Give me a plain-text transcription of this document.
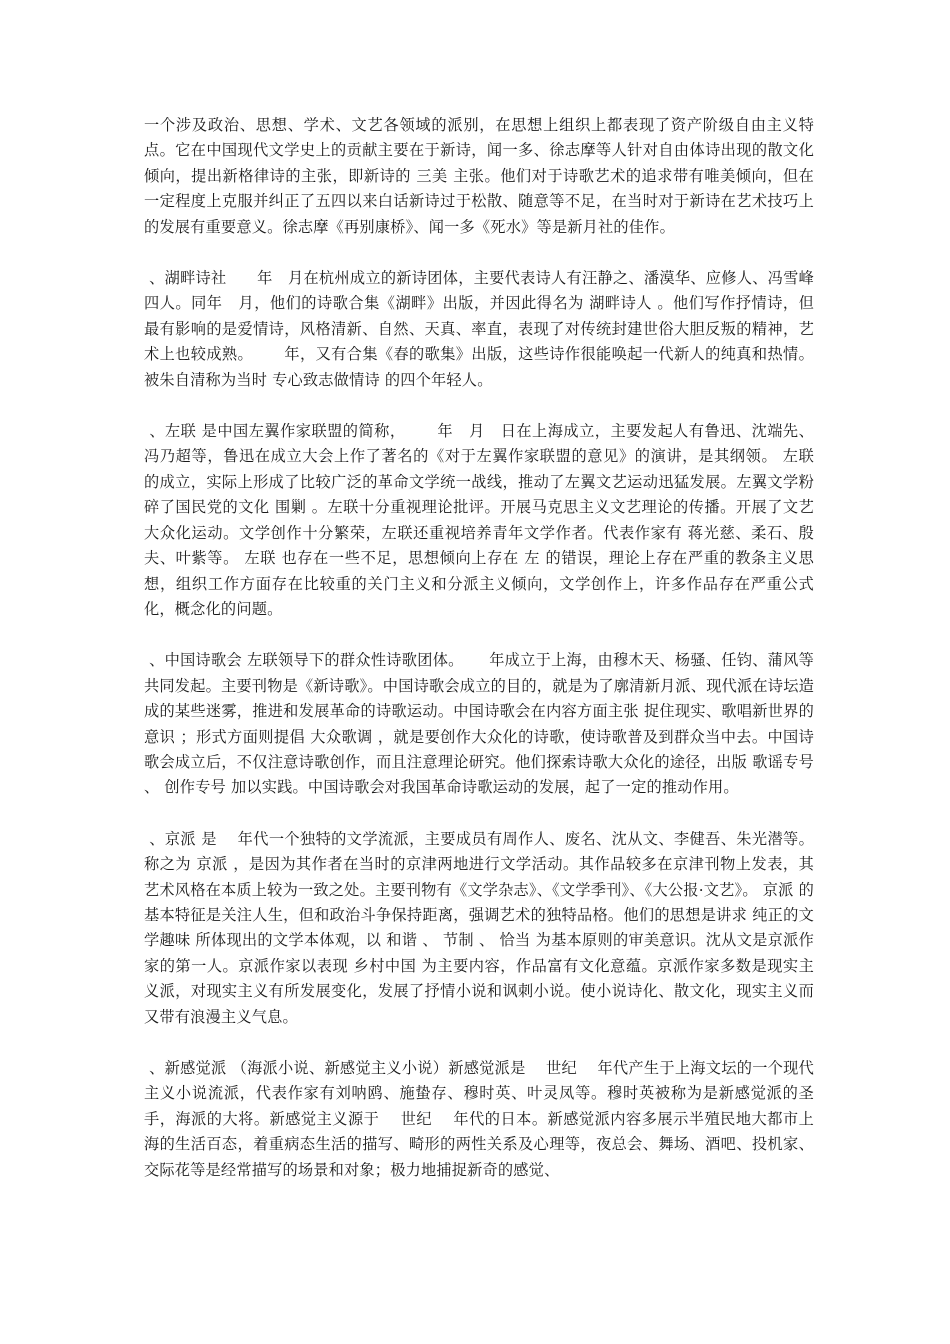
一个涉及政治、思想、学术、文艺各领域的派别，在思想上组织上都表现了资产阶级自由主义特点。它在中国现代文学史上的贡献主要在于新诗，闻一多、徐志摩等人针对自由体诗出现的散文化倾向，提出新格律诗的主张，即新诗的 三美 主张。他们对于诗歌艺术的追求带有唯美倾向，但在一定程度上克服并纠正了五四以来白话新诗过于松散、随意等不足，在当时对于新诗在艺术技巧上的发展有重要意义。徐志摩《再别康桥》、闻一多《死水》等是新月社的佳作。

、湖畔诗社      年   月在杭州成立的新诗团体，主要代表诗人有汪静之、潘漠华、应修人、冯雪峰四人。同年   月，他们的诗歌合集《湖畔》出版，并因此得名为 湖畔诗人 。他们写作抒情诗，但最有影响的是爱情诗，风格清新、自然、天真、率直，表现了对传统封建世俗大胆反叛的精神，艺术上也较成熟。      年，又有合集《春的歌集》出版，这些诗作很能唤起一代新人的纯真和热情。被朱自清称为当时 专心致志做情诗 的四个年轻人。

、左联 是中国左翼作家联盟的简称，      年   月   日在上海成立，主要发起人有鲁迅、沈端先、冯乃超等，鲁迅在成立大会上作了著名的《对于左翼作家联盟的意见》的演讲，是其纲领。 左联 的成立，实际上形成了比较广泛的革命文学统一战线，推动了左翼文艺运动迅猛发展。左翼文学粉碎了国民党的文化 围剿 。左联十分重视理论批评。开展马克思主义文艺理论的传播。开展了文艺大众化运动。文学创作十分繁荣，左联还重视培养青年文学作者。代表作家有 蒋光慈、柔石、殷夫、叶紫等。 左联 也存在一些不足，思想倾向上存在 左 的错误，理论上存在严重的教条主义思想，组织工作方面存在比较重的关门主义和分派主义倾向，文学创作上，许多作品存在严重公式化，概念化的问题。

、中国诗歌会 左联领导下的群众性诗歌团体。     年成立于上海，由穆木天、杨骚、任钧、蒲风等共同发起。主要刊物是《新诗歌》。中国诗歌会成立的目的，就是为了廓清新月派、现代派在诗坛造成的某些迷雾，推进和发展革命的诗歌运动。中国诗歌会在内容方面主张 捉住现实、歌唱新世界的意识 ；形式方面则提倡 大众歌调 ，就是要创作大众化的诗歌，使诗歌普及到群众当中去。中国诗歌会成立后，不仅注意诗歌创作，而且注意理论研究。他们探索诗歌大众化的途径，出版 歌谣专号 、 创作专号 加以实践。中国诗歌会对我国革命诗歌运动的发展，起了一定的推动作用。

、京派 是    年代一个独特的文学流派，主要成员有周作人、废名、沈从文、李健吾、朱光潜等。称之为 京派 ，是因为其作者在当时的京津两地进行文学活动。其作品较多在京津刊物上发表，其艺术风格在本质上较为一致之处。主要刊物有《文学杂志》、《文学季刊》、《大公报·文艺》。 京派 的基本特征是关注人生，但和政治斗争保持距离，强调艺术的独特品格。他们的思想是讲求 纯正的文学趣味 所体现出的文学本体观，以 和谐 、 节制 、 恰当 为基本原则的审美意识。沈从文是京派作家的第一人。京派作家以表现 乡村中国 为主要内容，作品富有文化意蕴。京派作家多数是现实主义派，对现实主义有所发展变化，发展了抒情小说和讽刺小说。使小说诗化、散文化，现实主义而又带有浪漫主义气息。

、新感觉派 （海派小说、新感觉主义小说）新感觉派是    世纪    年代产生于上海文坛的一个现代主义小说流派，代表作家有刘呐鸥、施蛰存、穆时英、叶灵凤等。穆时英被称为是新感觉派的圣手，海派的大将。新感觉主义源于    世纪    年代的日本。新感觉派内容多展示半殖民地大都市上海的生活百态，着重病态生活的描写、畸形的两性关系及心理等，夜总会、舞场、酒吧、投机家、交际花等是经常描写的场景和对象；极力地捕捉新奇的感觉、
